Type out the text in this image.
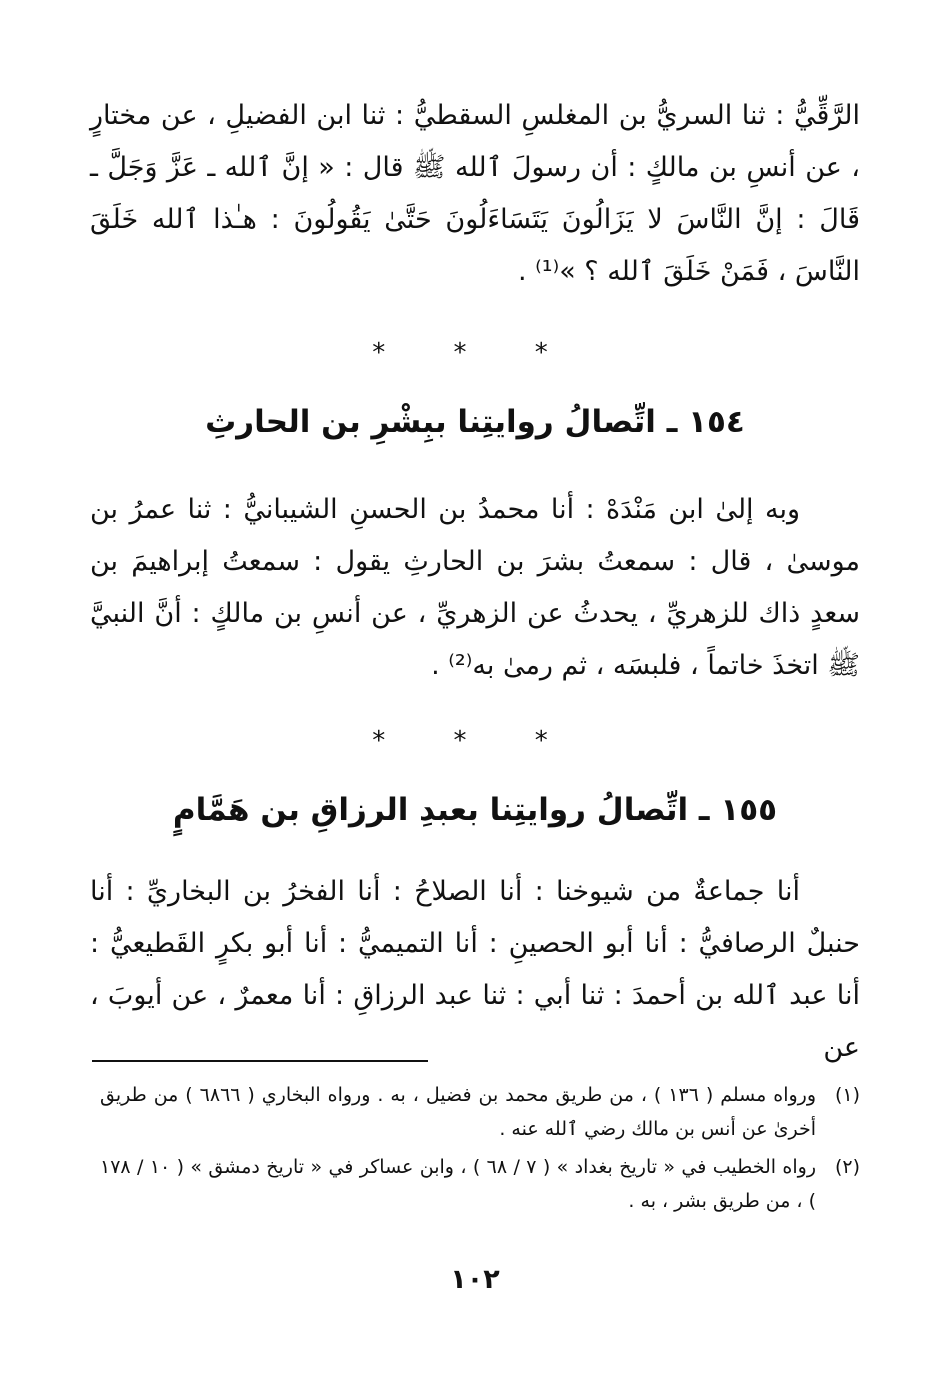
الرَّقِّيُّ : ثنا السريُّ بن المغلسِ السقطيُّ : ثنا ابن الفضيلِ ، عن مختارٍ ، عن أنسِ بن مالكٍ : أن رسولَ ٱلله ﷺ قال : « إنَّ ٱلله ـ عَزَّ وَجَلَّ ـ قَالَ : إنَّ النَّاسَ لا يَزَالُونَ يَتَسَاءَلُونَ حَتَّىٰ يَقُولُونَ : هـٰذا ٱلله خَلَقَ النَّاسَ ، فَمَنْ خَلَقَ ٱلله ؟ »⁽¹⁾ .

* * *
١٥٤ ـ اتِّصالُ روايتِنا ببِشْرِ بن الحارثِ

وبه إلىٰ ابن مَنْدَهْ : أنا محمدُ بن الحسنِ الشيبانيُّ : ثنا عمرُ بن موسىٰ ، قال : سمعتُ بشرَ بن الحارثِ يقول : سمعتُ إبراهيمَ بن سعدٍ ذاك للزهريِّ ، يحدثُ عن الزهريِّ ، عن أنسِ بن مالكٍ : أنَّ النبيَّ ﷺ اتخذَ خاتماً ، فلبسَه ، ثم رمىٰ به⁽²⁾ .

* * *
١٥٥ ـ اتِّصالُ روايتِنا بعبدِ الرزاقِ بن هَمَّامٍ

أنا جماعةٌ من شيوخنا : أنا الصلاحُ : أنا الفخرُ بن البخاريِّ : أنا حنبلٌ الرصافيُّ : أنا أبو الحصينِ : أنا التميميُّ : أنا أبو بكرٍ القَطيعيُّ : أنا عبد ٱلله بن أحمدَ : ثنا أبي : ثنا عبد الرزاقِ : أنا معمرٌ ، عن أيوبَ ، عن

(١)
ورواه مسلم ( ١٣٦ ) ، من طريق محمد بن فضيل ، به . ورواه البخاري ( ٦٨٦٦ ) من طريق أخرىٰ عن أنس بن مالك رضي ٱلله عنه .
(٢)
رواه الخطيب في « تاريخ بغداد » ( ٧ / ٦٨ ) ، وابن عساكر في « تاريخ دمشق » ( ١٠ / ١٧٨ ) ، من طريق بشر ، به .
١٠٢
